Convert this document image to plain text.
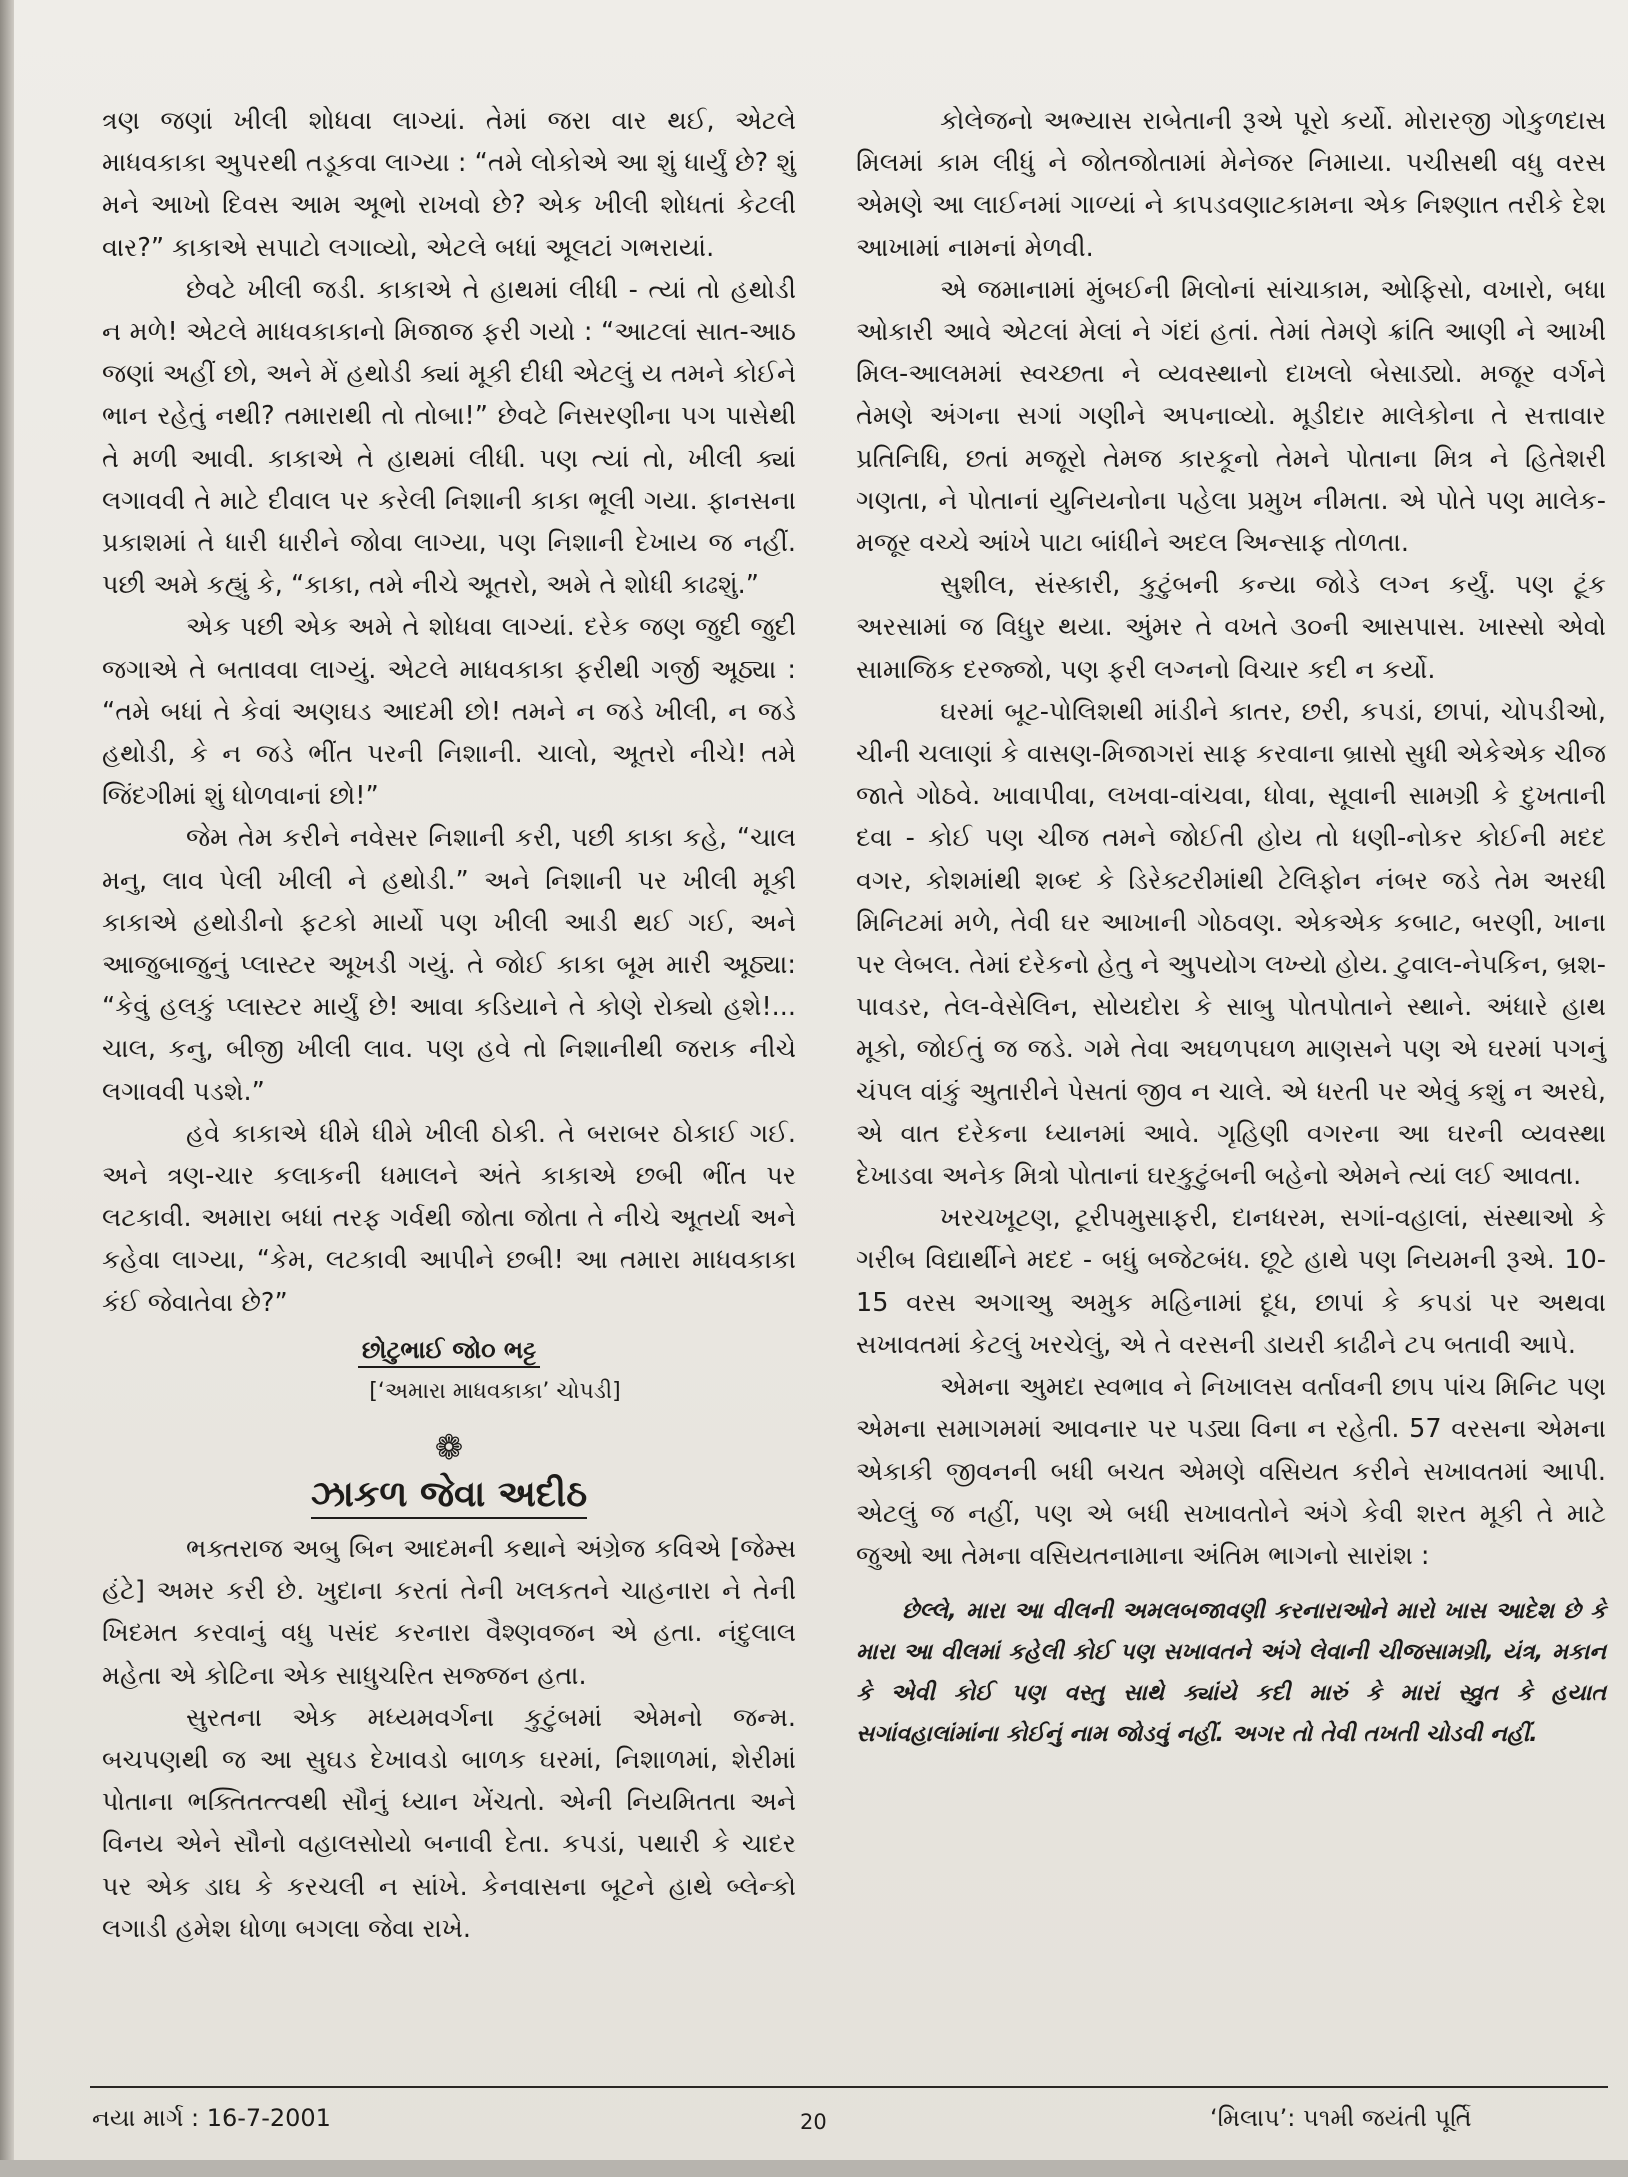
ત્રણ જણાં ખીલી શોધવા લાગ્યાં. તેમાં જરા વાર થઈ, એટલે માધવકાકા અુપરથી તડૂકવા લાગ્યા : “તમે લોકોએ આ શું ધાર્યું છે? શું મને આખો દિવસ આમ અૂભો રાખવો છે? એક ખીલી શોધતાં કેટલી વાર?” કાકાએ સપાટો લગાવ્યો, એટલે બધાં અૂલટાં ગભરાયાં.

છેવટે ખીલી જડી. કાકાએ તે હાથમાં લીધી - ત્યાં તો હથોડી ન મળે! એટલે માધવકાકાનો મિજાજ ફરી ગયો : “આટલાં સાત-આઠ જણાં અહીં છો, અને મેં હથોડી ક્યાં મૂકી દીધી એટલું ય તમને કોઈને ભાન રહેતું નથી? તમારાથી તો તોબા!” છેવટે નિસરણીના પગ પાસેથી તે મળી આવી. કાકાએ તે હાથમાં લીધી. પણ ત્યાં તો, ખીલી ક્યાં લગાવવી તે માટે દીવાલ પર કરેલી નિશાની કાકા ભૂલી ગયા. ફાનસના પ્રકાશમાં તે ધારી ધારીને જોવા લાગ્યા, પણ નિશાની દેખાય જ નહીં. પછી અમે કહ્યું કે, “કાકા, તમે નીચે અૂતરો, અમે તે શોધી કાઢશું.”

એક પછી એક અમે તે શોધવા લાગ્યાં. દરેક જણ જુદી જુદી જગાએ તે બતાવવા લાગ્યું. એટલે માધવકાકા ફરીથી ગર્જી અૂઠ્યા : “તમે બધાં તે કેવાં અણઘડ આદમી છો! તમને ન જડે ખીલી, ન જડે હથોડી, કે ન જડે ભીંત પરની નિશાની. ચાલો, અૂતરો નીચે! તમે જિંદગીમાં શું ધોળવાનાં છો!”

જેમ તેમ કરીને નવેસર નિશાની કરી, પછી કાકા કહે, “ચાલ મનુ, લાવ પેલી ખીલી ને હથોડી.” અને નિશાની પર ખીલી મૂકી કાકાએ હથોડીનો ફટકો માર્યો પણ ખીલી આડી થઈ ગઈ, અને આજુબાજુનું પ્લાસ્ટર અૂખડી ગયું. તે જોઈ કાકા બૂમ મારી અૂઠ્યા: “કેવું હલકું પ્લાસ્ટર માર્યું છે! આવા કડિયાને તે કોણે રોક્યો હશે!... ચાલ, કનુ, બીજી ખીલી લાવ. પણ હવે તો નિશાનીથી જરાક નીચે લગાવવી પડશે.”

હવે કાકાએ ધીમે ધીમે ખીલી ઠોકી. તે બરાબર ઠોકાઈ ગઈ. અને ત્રણ-ચાર કલાકની ધમાલને અંતે કાકાએ છબી ભીંત પર લટકાવી. અમારા બધાં તરફ ગર્વથી જોતા જોતા તે નીચે અૂતર્યા અને કહેવા લાગ્યા, “કેમ, લટકાવી આપીને છબી! આ તમારા માધવકાકા કંઈ જેવાતેવા છે?”

છોટુભાઈ જો૦ ભટ્ટ
[‘અમારા માધવકાકા’ ચોપડી]
❁
ઝાકળ જેવા અદીઠ

ભક્તરાજ અબુ બિન આદમની કથાને અંગ્રેજ કવિએ [જેમ્સ હંટે] અમર કરી છે. ખુદાના કરતાં તેની ખલકતને ચાહનારા ને તેની ખિદમત કરવાનું વધુ પસંદ કરનારા વૈશ્ણવજન એ હતા. નંદુલાલ મહેતા એ કોટિના એક સાધુચરિત સજ્જન હતા.

સુરતના એક મધ્યમવર્ગના કુટુંબમાં એમનો જન્મ. બચપણથી જ આ સુઘડ દેખાવડો બાળક ઘરમાં, નિશાળમાં, શેરીમાં પોતાના ભક્તિતત્ત્વથી સૌનું ધ્યાન ખેંચતો. એની નિયમિતતા અને વિનય એને સૌનો વહાલસોયો બનાવી દેતા. કપડાં, પથારી કે ચાદર પર એક ડાઘ કે કરચલી ન સાંખે. કેનવાસના બૂટને હાથે બ્લેન્કો લગાડી હમેશ ધોળા બગલા જેવા રાખે.

કોલેજનો અભ્યાસ રાબેતાની રૂએ પૂરો કર્યો. મોરારજી ગોકુળદાસ મિલમાં કામ લીધું ને જોતજોતામાં મેનેજર નિમાયા. પચીસથી વધુ વરસ એમણે આ લાઈનમાં ગાળ્યાં ને કાપડવણાટકામના એક નિશ્ણાત તરીકે દેશ આખામાં નામનાં મેળવી.

એ જમાનામાં મુંબઈની મિલોનાં સાંચાકામ, ઓફિસો, વખારો, બધા ઓકારી આવે એટલાં મેલાં ને ગંદાં હતાં. તેમાં તેમણે ક્રાંતિ આણી ને આખી મિલ-આલમમાં સ્વચ્છતા ને વ્યવસ્થાનો દાખલો બેસાડ્યો. મજૂર વર્ગને તેમણે અંગના સગાં ગણીને અપનાવ્યો. મૂડીદાર માલેકોના તે સત્તાવાર પ્રતિનિધિ, છતાં મજૂરો તેમજ કારકૂનો તેમને પોતાના મિત્ર ને હિતેશરી ગણતા, ને પોતાનાં યુનિયનોના પહેલા પ્રમુખ નીમતા. એ પોતે પણ માલેક-મજૂર વચ્ચે આંખે પાટા બાંધીને અદલ અિન્સાફ તોળતા.

સુશીલ, સંસ્કારી, કુટુંબની કન્યા જોડે લગ્ન કર્યું. પણ ટૂંક અરસામાં જ વિધુર થયા. અુંમર તે વખતે ૩૦ની આસપાસ. ખાસ્સો એવો સામાજિક દરજ્જો, પણ ફરી લગ્નનો વિચાર કદી ન કર્યો.

ઘરમાં બૂટ-પોલિશથી માંડીને કાતર, છરી, કપડાં, છાપાં, ચોપડીઓ, ચીની ચલાણાં કે વાસણ-મિજાગરાં સાફ કરવાના બ્રાસો સુધી એકેએક ચીજ જાતે ગોઠવે. ખાવાપીવા, લખવા-વાંચવા, ધોવા, સૂવાની સામગ્રી કે દુખતાની દવા - કોઈ પણ ચીજ તમને જોઈતી હોય તો ધણી-નોકર કોઈની મદદ વગર, કોશમાંથી શબ્દ કે ડિરેક્ટરીમાંથી ટેલિફોન નંબર જડે તેમ અરધી મિનિટમાં મળે, તેવી ઘર આખાની ગોઠવણ. એકએક કબાટ, બરણી, ખાના પર લેબલ. તેમાં દરેકનો હેતુ ને અુપયોગ લખ્યો હોય. ટુવાલ-નેપકિન, બ્રશ-પાવડર, તેલ-વેસેલિન, સોયદોરા કે સાબુ પોતપોતાને સ્થાને. અંધારે હાથ મૂકો, જોઈતું જ જડે. ગમે તેવા અઘળપઘળ માણસને પણ એ ઘરમાં પગનું ચંપલ વાંકું અુતારીને પેસતાં જીવ ન ચાલે. એ ધરતી પર એવું કશું ન અરઘે, એ વાત દરેકના ધ્યાનમાં આવે. ગૃહિણી વગરના આ ઘરની વ્યવસ્થા દેખાડવા અનેક મિત્રો પોતાનાં ઘરકુટુંબની બહેનો એમને ત્યાં લઈ આવતા.

ખરચખૂટણ, ટૂરીપમુસાફરી, દાનધરમ, સગાં-વહાલાં, સંસ્થાઓ કે ગરીબ વિદ્યાર્થીને મદદ - બધું બજેટબંધ. છૂટે હાથે પણ નિયમની રૂએ. 10-15 વરસ અગાઅુ અમુક મહિનામાં દૂધ, છાપાં કે કપડાં પર અથવા સખાવતમાં કેટલું ખરચેલું, એ તે વરસની ડાયરી કાઢીને ટપ બતાવી આપે.

એમના અુમદા સ્વભાવ ને નિખાલસ વર્તાવની છાપ પાંચ મિનિટ પણ એમના સમાગમમાં આવનાર પર પડ્યા વિના ન રહેતી. 57 વરસના એમના એકાકી જીવનની બધી બચત એમણે વસિયત કરીને સખાવતમાં આપી. એટલું જ નહીં, પણ એ બધી સખાવતોને અંગે કેવી શરત મૂકી તે માટે જુઓ આ તેમના વસિયતનામાના અંતિમ ભાગનો સારાંશ :

છેલ્લે, મારા આ વીલની અમલબજાવણી કરનારાઓને મારો ખાસ આદેશ છે કે મારા આ વીલમાં કહેલી કોઈ પણ સખાવતને અંગે લેવાની ચીજસામગ્રી, યંત્ર, મકાન કે એવી કોઈ પણ વસ્તુ સાથે ક્યાંયે કદી મારું કે મારાં સ્વ્રુત કે હયાત સગાંવહાલાંમાંના કોઈનું નામ જોડવું નહીં. અગર તો તેવી તખતી ચોડવી નહીં.

નયા માર્ગ : 16-7-2001	20	‘મિલાપ’: ૫૧મી જયંતી પૂર્તિ
